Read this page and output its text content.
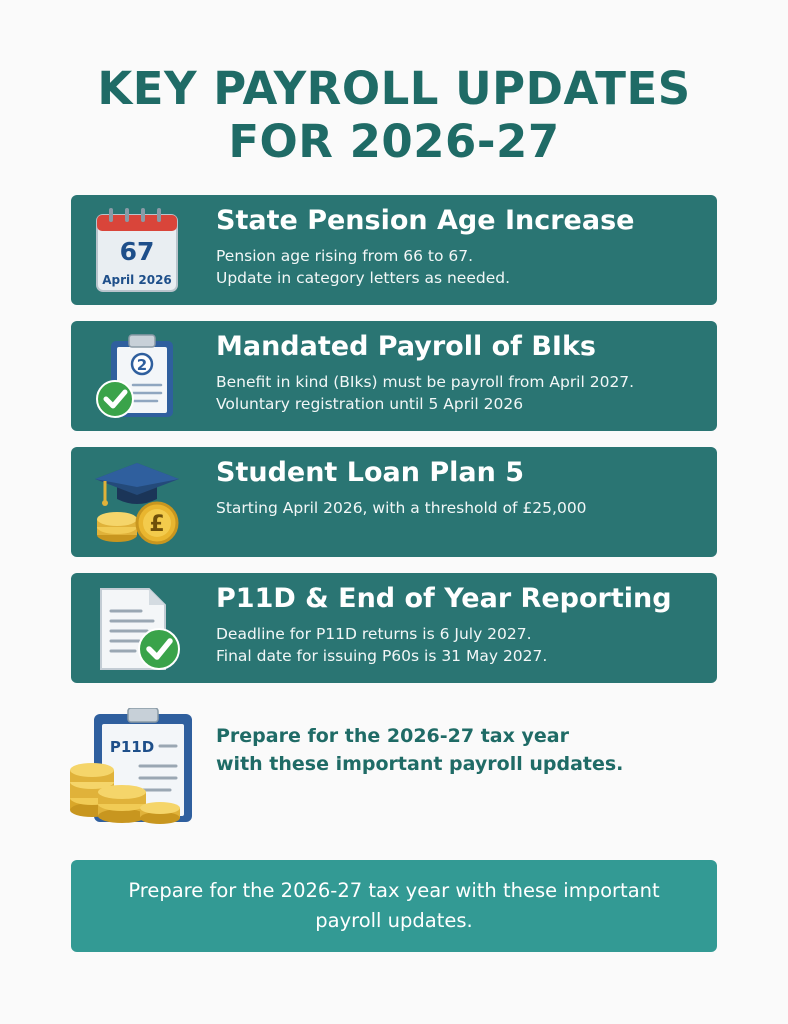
KEY PAYROLL UPDATES
FOR 2026-27
67
April 2026
State Pension Age Increase
Pension age rising from 66 to 67.
Update in category letters as needed.
2
Mandated Payroll of BIks
Benefit in kind (BIks) must be payroll from April 2027.
Voluntary registration until 5 April 2026
£
Student Loan Plan 5
Starting April 2026, with a threshold of £25,000
P11D & End of Year Reporting
Deadline for P11D returns is 6 July 2027.
Final date for issuing P60s is 31 May 2027.
P11D	Prepare for the 2026-27 tax year
with these important payroll updates.
Prepare for the 2026-27 tax year with these important payroll updates.
